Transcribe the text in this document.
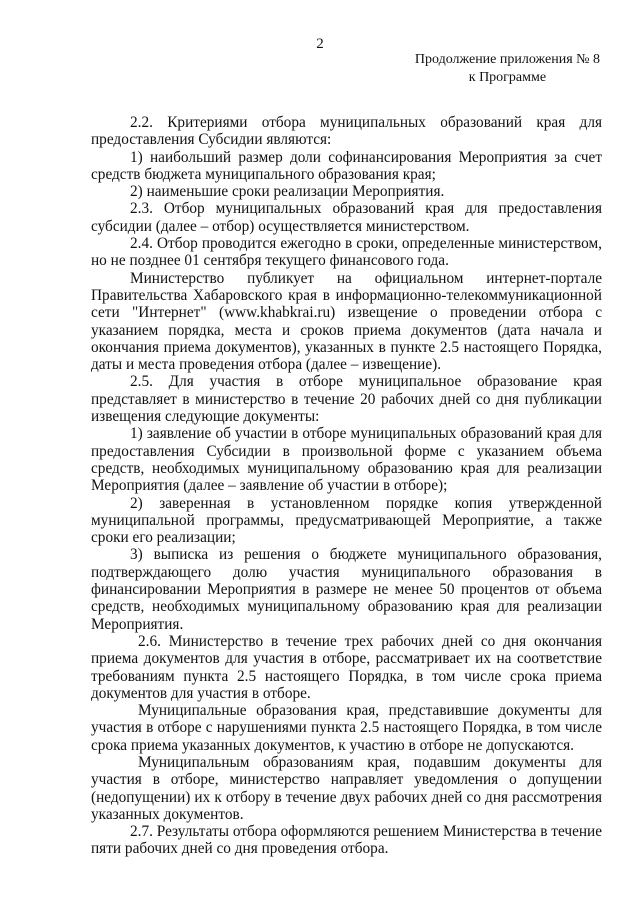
2
Продолжение приложения № 8
к Программе

2.2. Критериями отбора муниципальных образований края для предоставления Субсидии являются:

1) наибольший размер доли софинансирования Мероприятия за счет средств бюджета муниципального образования края;

2) наименьшие сроки реализации Мероприятия.

2.3. Отбор муниципальных образований края для предоставления субсидии (далее – отбор) осуществляется министерством.

2.4. Отбор проводится ежегодно в сроки, определенные министерством, но не позднее 01 сентября текущего финансового года.

Министерство публикует на официальном интернет-портале Правительства Хабаровского края в информационно-телекоммуникационной сети "Интернет" (www.khabkrai.ru) извещение о проведении отбора с указанием порядка, места и сроков приема документов (дата начала и окончания приема документов), указанных в пункте 2.5 настоящего Порядка, даты и места проведения отбора (далее – извещение).

2.5. Для участия в отборе муниципальное образование края представляет в министерство в течение 20 рабочих дней со дня публикации извещения следующие документы:

1) заявление об участии в отборе муниципальных образований края для предоставления Субсидии в произвольной форме с указанием объема средств, необходимых муниципальному образованию края для реализации Мероприятия (далее – заявление об участии в отборе);

2) заверенная в установленном порядке копия утвержденной муниципальной программы, предусматривающей Мероприятие, а также сроки его реализации;

3) выписка из решения о бюджете муниципального образования, подтверждающего долю участия муниципального образования в финансировании Мероприятия в размере не менее 50 процентов от объема средств, необходимых муниципальному образованию края для реализации Мероприятия.

2.6. Министерство в течение трех рабочих дней со дня окончания приема документов для участия в отборе, рассматривает их на соответствие требованиям пункта 2.5 настоящего Порядка, в том числе срока приема документов для участия в отборе.

Муниципальные образования края, представившие документы для участия в отборе с нарушениями пункта 2.5 настоящего Порядка, в том числе срока приема указанных документов, к участию в отборе не допускаются.

Муниципальным образованиям края, подавшим документы для участия в отборе, министерство направляет уведомления о допущении (недопущении) их к отбору в течение двух рабочих дней со дня рассмотрения указанных документов.

2.7. Результаты отбора оформляются решением Министерства в течение пяти рабочих дней со дня проведения отбора.
